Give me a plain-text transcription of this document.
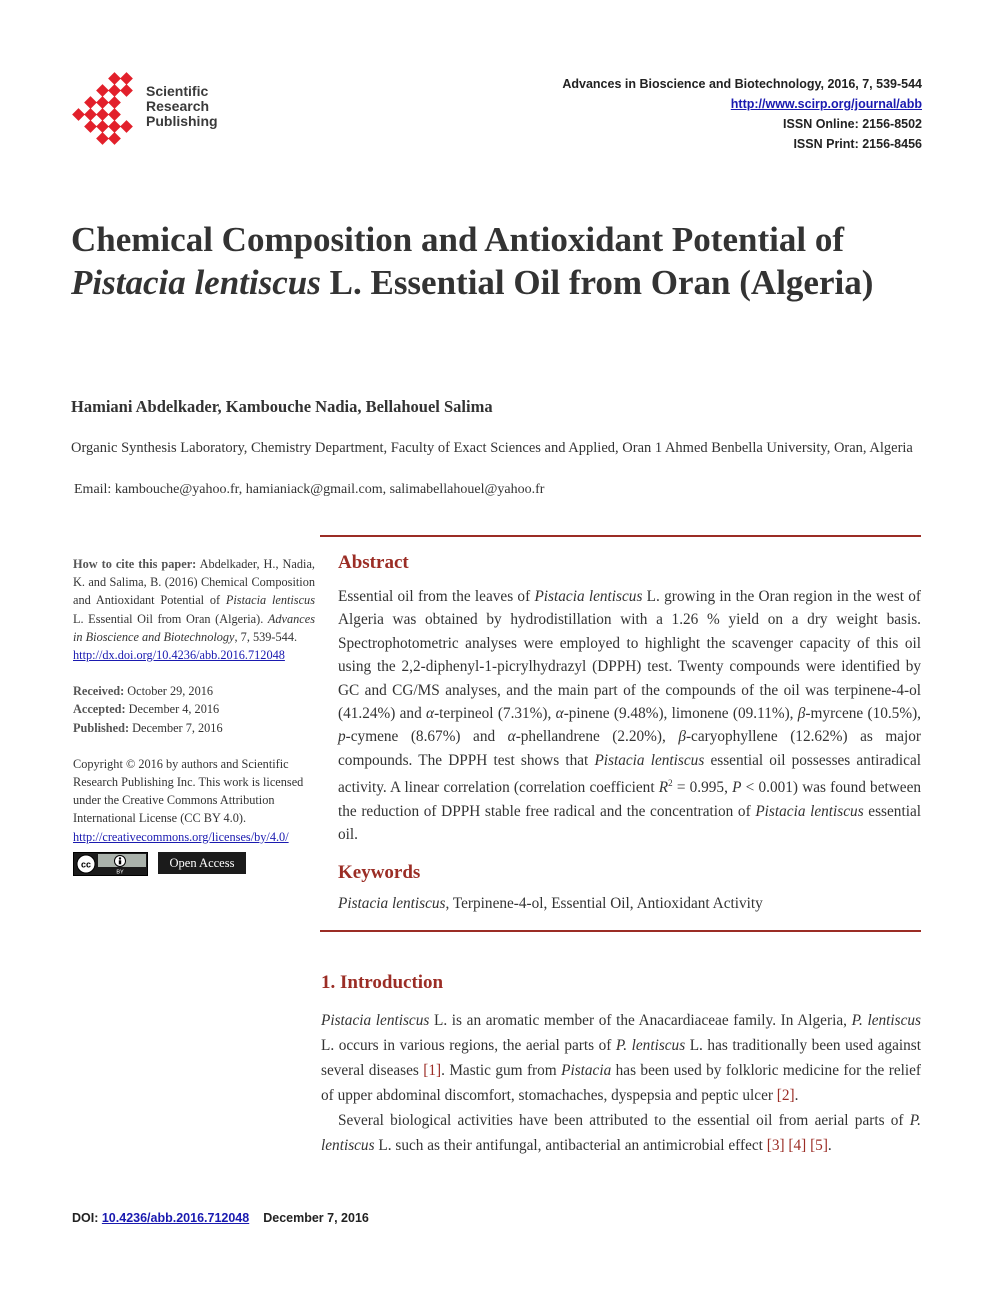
Scientific
Research
Publishing
Advances in Bioscience and Biotechnology, 2016, 7, 539-544
http://www.scirp.org/journal/abb
ISSN Online: 2156-8502
ISSN Print: 2156-8456
Chemical Composition and Antioxidant Potential of Pistacia lentiscus L. Essential Oil from Oran (Algeria)
Hamiani Abdelkader, Kambouche Nadia, Bellahouel Salima
Organic Synthesis Laboratory, Chemistry Department, Faculty of Exact Sciences and Applied, Oran 1 Ahmed Benbella University, Oran, Algeria
Email: kambouche@yahoo.fr, hamianiack@gmail.com, salimabellahouel@yahoo.fr
How to cite this paper: Abdelkader, H., Nadia, K. and Salima, B. (2016) Chemical Composition and Antioxidant Potential of Pistacia lentiscus L. Essential Oil from Oran (Algeria). Advances in Bioscience and Biotechnology, 7, 539-544.
http://dx.doi.org/10.4236/abb.2016.712048
Received: October 29, 2016
Accepted: December 4, 2016
Published: December 7, 2016
Copyright © 2016 by authors and Scientific Research Publishing Inc. This work is licensed under the Creative Commons Attribution International License (CC BY 4.0).
http://creativecommons.org/licenses/by/4.0/
cc
BY
Open Access
Abstract
Essential oil from the leaves of Pistacia lentiscus L. growing in the Oran region in the west of Algeria was obtained by hydrodistillation with a 1.26 % yield on a dry weight basis. Spectrophotometric analyses were employed to highlight the scavenger capacity of this oil using the 2,2-diphenyl-1-picrylhydrazyl (DPPH) test. Twenty compounds were identified by GC and CG/MS analyses, and the main part of the compounds of the oil was terpinene-4-ol (41.24%) and α-terpineol (7.31%), α-pinene (9.48%), limonene (09.11%), β-myrcene (10.5%), p-cymene (8.67%) and α-phellandrene (2.20%), β-caryophyllene (12.62%) as major compounds. The DPPH test shows that Pistacia lentiscus essential oil possesses antiradical activity. A linear correlation (correlation coefficient $R^2 = 0.995$, P < 0.001) was found between the reduction of DPPH stable free radical and the concentration of Pistacia lentiscus essential oil.
Keywords
Pistacia lentiscus, Terpinene-4-ol, Essential Oil, Antioxidant Activity
1. Introduction

Pistacia lentiscus L. is an aromatic member of the Anacardiaceae family. In Algeria, P. lentiscus L. occurs in various regions, the aerial parts of P. lentiscus L. has traditionally been used against several diseases [1]. Mastic gum from Pistacia has been used by folkloric medicine for the relief of upper abdominal discomfort, stomachaches, dyspepsia and peptic ulcer [2].

Several biological activities have been attributed to the essential oil from aerial parts of P. lentiscus L. such as their antifungal, antibacterial an antimicrobial effect [3] [4] [5].

DOI: 10.4236/abb.2016.712048 December 7, 2016
